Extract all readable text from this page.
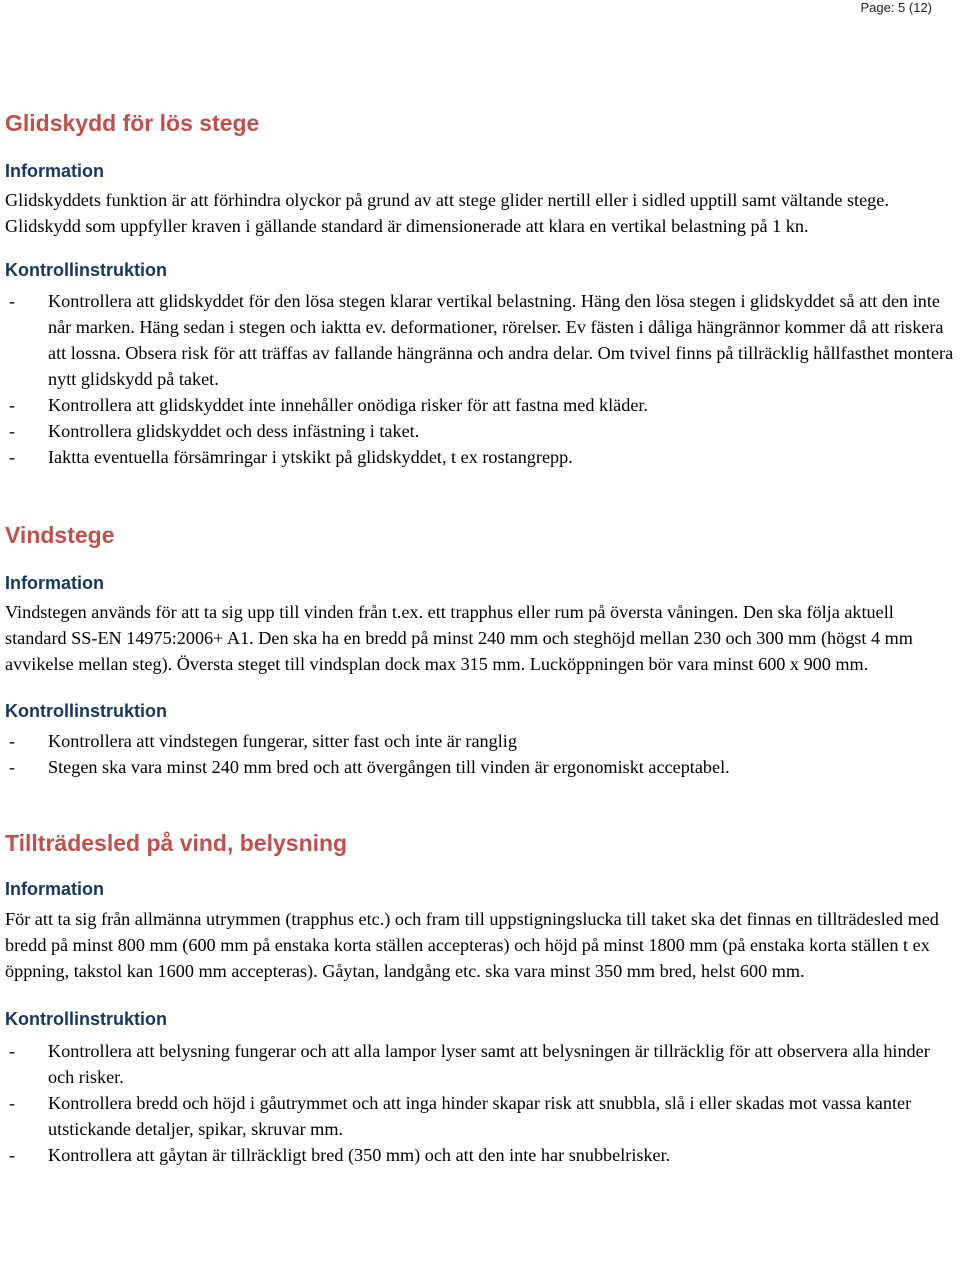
Page: 5 (12)
Glidskydd för lös stege
Information

Glidskyddets funktion är att förhindra olyckor på grund av att stege glider nertill eller i sidled upptill samt vältande stege. Glidskydd som uppfyller kraven i gällande standard är dimensionerade att klara en vertikal belastning på 1 kn.

Kontrollinstruktion
- Kontrollera att glidskyddet för den lösa stegen klarar vertikal belastning. Häng den lösa stegen i glidskyddet så att den inte når marken. Häng sedan i stegen och iaktta ev. deformationer, rörelser. Ev fästen i dåliga hängrännor kommer då att riskera att lossna. Obsera risk för att träffas av fallande hängränna och andra delar. Om tvivel finns på tillräcklig hållfasthet montera nytt glidskydd på taket.
- Kontrollera att glidskyddet inte innehåller onödiga risker för att fastna med kläder.
- Kontrollera glidskyddet och dess infästning i taket.
- Iaktta eventuella försämringar i ytskikt på glidskyddet, t ex rostangrepp.
Vindstege
Information

Vindstegen används för att ta sig upp till vinden från t.ex. ett trapphus eller rum på översta våningen. Den ska följa aktuell standard SS-EN 14975:2006+ A1. Den ska ha en bredd på minst 240 mm och steghöjd mellan 230 och 300 mm (högst 4 mm avvikelse mellan steg). Översta steget till vindsplan dock max 315 mm. Lucköppningen bör vara minst 600 x 900 mm.

Kontrollinstruktion
- Kontrollera att vindstegen fungerar, sitter fast och inte är ranglig
- Stegen ska vara minst 240 mm bred och att övergången till vinden är ergonomiskt acceptabel.
Tillträdesled på vind, belysning
Information

För att ta sig från allmänna utrymmen (trapphus etc.) och fram till uppstigningslucka till taket ska det finnas en tillträdesled med bredd på minst 800 mm (600 mm på enstaka korta ställen accepteras) och höjd på minst 1800 mm (på enstaka korta ställen t ex öppning, takstol kan 1600 mm accepteras). Gåytan, landgång etc. ska vara minst 350 mm bred, helst 600 mm.

Kontrollinstruktion
- Kontrollera att belysning fungerar och att alla lampor lyser samt att belysningen är tillräcklig för att observera alla hinder och risker.
- Kontrollera bredd och höjd i gåutrymmet och att inga hinder skapar risk att snubbla, slå i eller skadas mot vassa kanter utstickande detaljer, spikar, skruvar mm.
- Kontrollera att gåytan är tillräckligt bred (350 mm) och att den inte har snubbelrisker.
